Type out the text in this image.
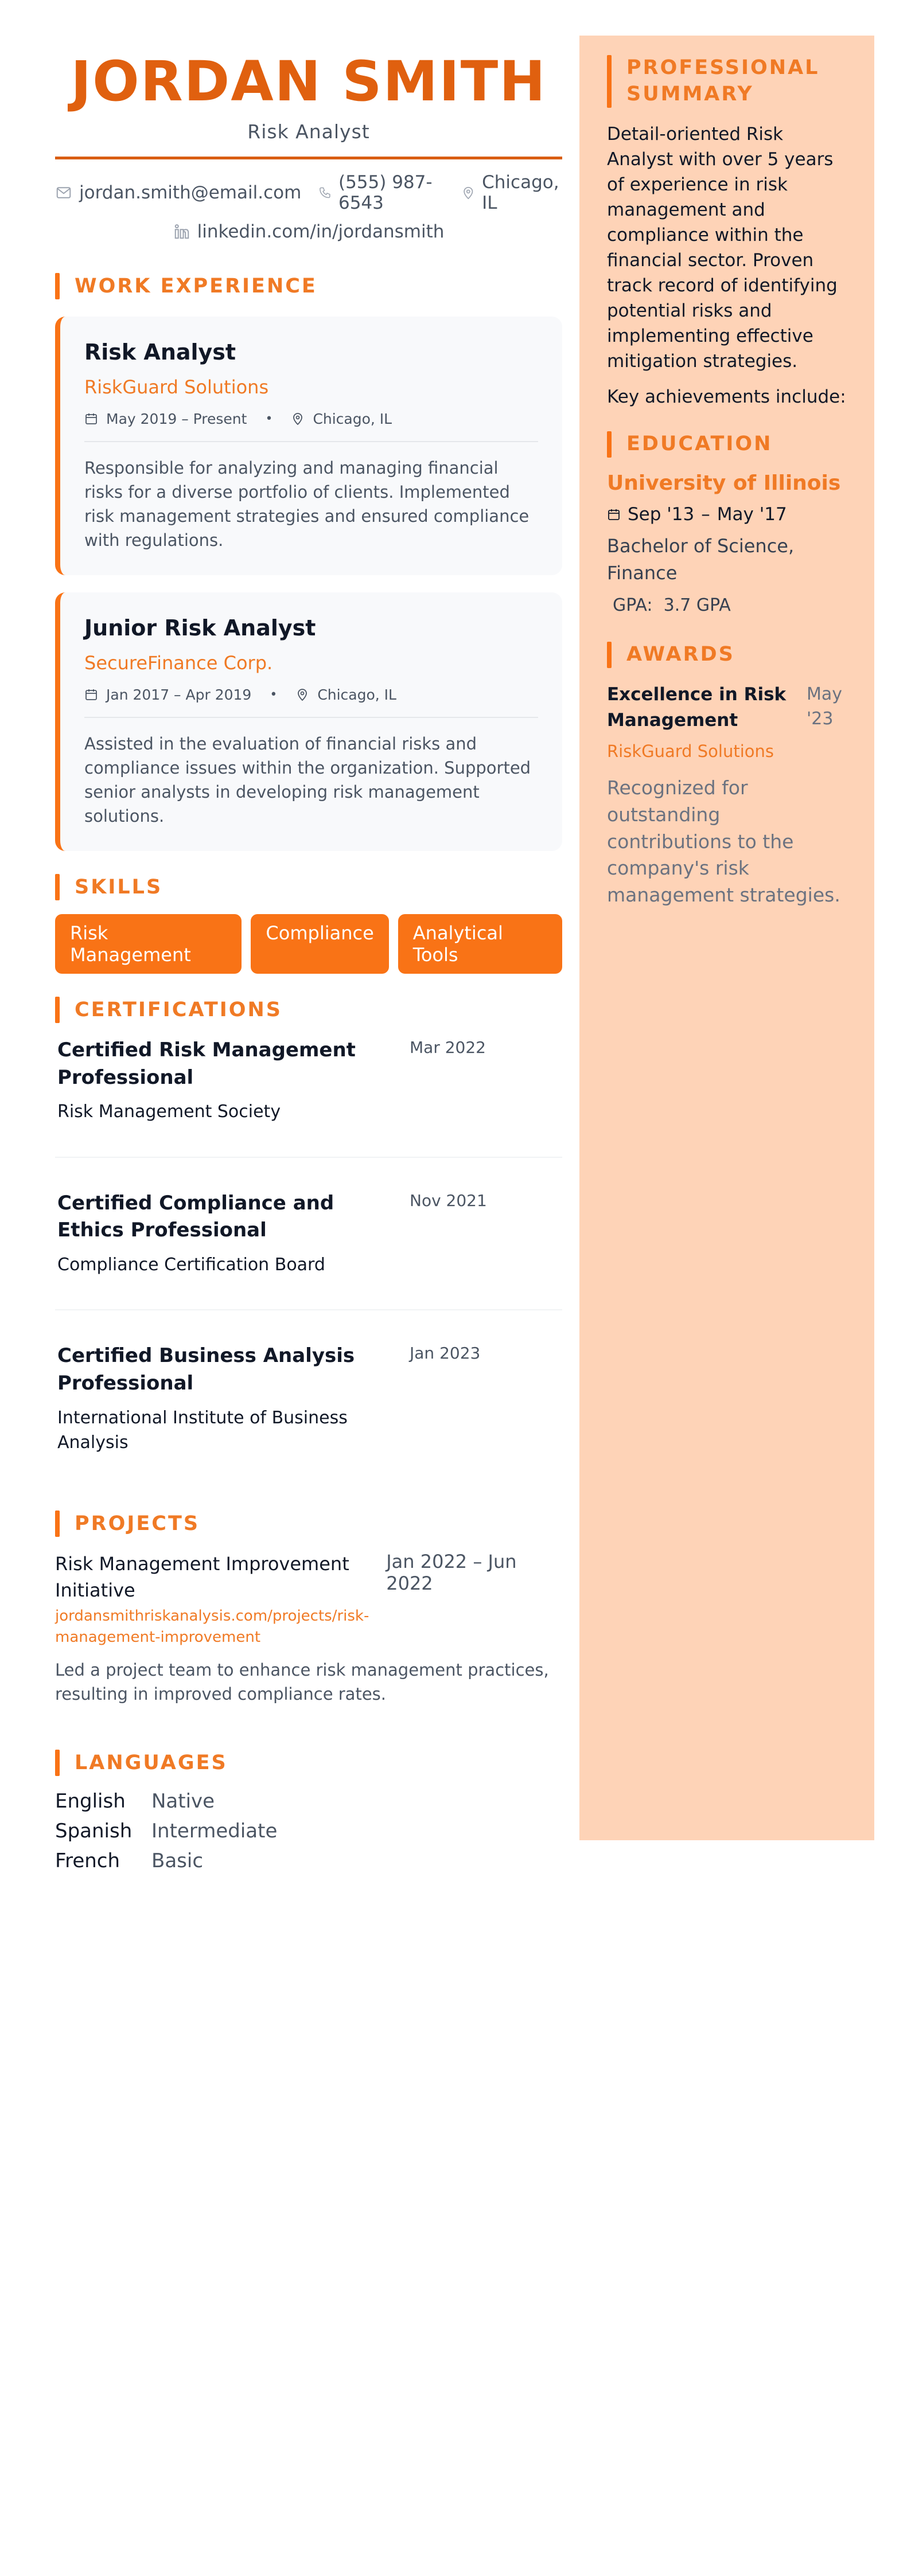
JORDAN SMITH
Risk Analyst
jordan.smith@email.com (555) 987-6543
Chicago, IL
linkedin.com/in/jordansmith
WORK EXPERIENCE
Risk Analyst
RiskGuard Solutions
May 2019 – Present •	Chicago, IL
Responsible for analyzing and managing financial risks for a diverse portfolio of clients. Implemented risk management strategies and ensured compliance with regulations.
Junior Risk Analyst
SecureFinance Corp.
Jan 2017 – Apr 2019 •	Chicago, IL
Assisted in the evaluation of financial risks and compliance issues within the organization. Supported senior analysts in developing risk management solutions.
SKILLS
Risk Management
Compliance	Analytical Tools
CERTIFICATIONS
Certified Risk Management Professional
Risk Management Society
Mar 2022
Certified Compliance and Ethics Professional
Compliance Certification Board
Nov 2021
Certified Business Analysis Professional
International Institute of Business Analysis
Jan 2023
PROJECTS
Risk Management Improvement Initiative
Jan 2022 – Jun 2022
jordansmithriskanalysis.com/projects/risk-management-improvement
Led a project team to enhance risk management practices, resulting in improved compliance rates.
LANGUAGES
English	Native
Spanish Intermediate
French	Basic
PROFESSIONAL SUMMARY
Detail-oriented Risk Analyst with over 5 years of experience in risk management and compliance within the financial sector. Proven track record of identifying potential risks and implementing effective mitigation strategies.
Key achievements include:
EDUCATION
University of Illinois
Sep '13 – May '17
Bachelor of Science, Finance
GPA: 3.7 GPA
AWARDS
Excellence in Risk Management
May '23
RiskGuard Solutions
Recognized for outstanding contributions to the company's risk management strategies.
